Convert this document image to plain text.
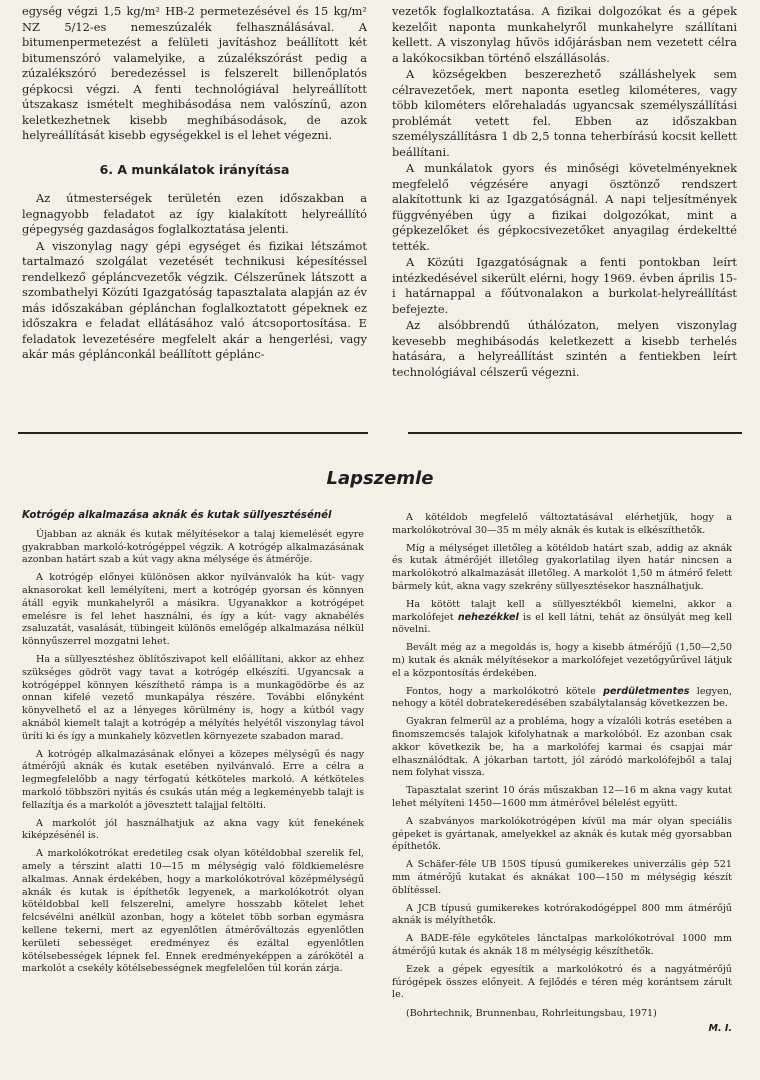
egység végzi 1,5 kg/m² HB-2 permetezésével és 15 kg/m² NZ 5/12-es nemeszúzalék felhasználásával. A bitumenpermetezést a felületi javításhoz beállított két bitumenszóró valamelyike, a zúzalékszórást pedig a zúzalékszóró beredezéssel is felszerelt billenőplatós gépkocsi végzi. A fenti technológiával helyreállított útszakasz ismételt meghibásodása nem valószínű, azon keletkezhetnek kisebb meghibásodások, de azok helyreállítását kisebb egységekkel is el lehet végezni.

6. A munkálatok irányítása

Az útmesterségek területén ezen időszakban a legnagyobb feladatot az így kialakított helyreállító gépegység gazdaságos foglalkoztatása jelenti.

A viszonylag nagy gépi egységet és fizikai létszámot tartalmazó szolgálat vezetését technikusi képesítéssel rendelkező gépláncvezetők végzik. Célszerűnek látszott a szombathelyi Közúti Igazgatóság tapasztalata alapján az év más időszakában géplánchan foglalkoztatott gépeknek ez időszakra e feladat ellátásához való átcsoportosítása. E feladatok levezetésére megfelelt akár a hengerlési, vagy akár más géplánconkál beállított géplánc-

vezetők foglalkoztatása. A fizikai dolgozókat és a gépek kezelőit naponta munkahelyről munkahelyre szállítani kellett. A viszonylag hűvös időjárásban nem vezetett célra a lakókocsikban történő elszállásolás.

A községekben beszerezhető szálláshelyek sem célravezetőek, mert naponta esetleg kilométeres, vagy több kilométers előrehaladás ugyancsak személyszállítási problémát vetett fel. Ebben az időszakban személyszállításra 1 db 2,5 tonna teherbírású kocsit kellett beállítani.

A munkálatok gyors és minőségi követelményeknek megfelelő végzésére anyagi ösztönző rendszert alakítottunk ki az Igazgatóságnál. A napi teljesítmények függvényében úgy a fizikai dolgozókat, mint a gépkezelőket és gépkocsivezetőket anyagilag érdekeltté tették.

A Közúti Igazgatóságnak a fenti pontokban leírt intézkedésével sikerült elérni, hogy 1969. évben április 15-i határnappal a főútvonalakon a burkolat-helyreállítást befejezte.

Az alsóbbrendű úthálózaton, melyen viszonylag kevesebb meghibásodás keletkezett a kisebb terhelés hatására, a helyreállítást szintén a fentiekben leírt technológiával célszerű végezni.

Lapszemle
Kotrógép alkalmazása aknák és kutak süllyesztésénél

Újabban az aknák és kutak mélyítésekor a talaj kiemelését egyre gyakrabban markoló-kotrógéppel végzik. A kotrógép alkalmazásának azonban határt szab a kút vagy akna mélysége és átmérője.

A kotrógép előnyei különösen akkor nyilvánvalók ha kút- vagy aknasorokat kell lemélyíteni, mert a kotrógép gyorsan és könnyen átáll egyik munkahelyről a másikra. Ugyanakkor a kotrógépet emelésre is fel lehet használni, és így a kút- vagy aknabélés zsaluzatát, vasalását, tübingeit különös emelőgép alkalmazása nélkül könnyűszerrel mozgatni lehet.

Ha a süllyesztéshez öblítőszivapot kell előállítani, akkor az ehhez szükséges gödröt vagy tavat a kotrógép elkészíti. Ugyancsak a kotrógéppel könnyen készíthető rámpa is a munkagödörbe és az onnan kifelé vezető munkapálya részére. További előnyként könyvelhető el az a lényeges körülmény is, hogy a kútból vagy aknából kiemelt talajt a kotrógép a mélyítés helyétől viszonylag távol üríti ki és így a munkahely közvetlen környezete szabadon marad.

A kotrógép alkalmazásának előnyei a közepes mélységű és nagy átmérőjű aknák és kutak esetében nyilvánvaló. Erre a célra a legmegfelelőbb a nagy térfogatú kétköteles markoló. A kétköteles markoló többszöri nyitás és csukás után még a legkeményebb talajt is fellazítja és a markolót a jövesztett talajjal feltölti.

A markolót jól használhatjuk az akna vagy kút fenekének kiképzésénél is.

A markolókotrókat eredetileg csak olyan kötéldobbal szerelik fel, amely a térszint alatti 10—15 m mélységig való földkiemelésre alkalmas. Annak érdekében, hogy a markolókotróval középmélységű aknák és kutak is építhetők legyenek, a markolókotrót olyan kötéldobbal kell felszerelni, amelyre hosszabb kötelet lehet felcsévélni anélkül azonban, hogy a kötelet több sorban egymásra kellene tekerni, mert az egyenlőtlen átmérőváltozás egyenlőtlen kerületi sebességet eredményez és ezáltal egyenlőtlen kötélsebességek lépnek fel. Ennek eredményeképpen a zárókötél a markolót a csekély kötélsebességnek megfelelően túl korán zárja.

A kötéldob megfelelő változtatásával elérhetjük, hogy a markolókotróval 30—35 m mély aknák és kutak is elkészíthetők.

Míg a mélységet illetőleg a kötéldob határt szab, addig az aknák és kutak átmérőjét illetőleg gyakorlatilag ilyen határ nincsen a markolókotró alkalmazását illetőleg. A markolót 1,50 m átmérő felett bármely kút, akna vagy szekrény süllyesztésekor használhatjuk.

Ha kötött talajt kell a süllyesztékből kiemelni, akkor a markolófejet nehezékkel is el kell látni, tehát az önsúlyát meg kell növelni.

Bevált még az a megoldás is, hogy a kisebb átmérőjű (1,50—2,50 m) kutak és aknák mélyítésekor a markolófejet vezetőgyűrűvel látjuk el a központosítás érdekében.

Fontos, hogy a markolókotró kötele perdületmentes legyen, nehogy a kötél dobratekeredésében szabálytalanság következzen be.

Gyakran felmerül az a probléma, hogy a vízalóli kotrás esetében a finomszemcsés talajok kifolyhatnak a markolóból. Ez azonban csak akkor következik be, ha a markolófej karmai és csapjai már elhasználódtak. A jókarban tartott, jól záródó markolófejből a talaj nem folyhat vissza.

Tapasztalat szerint 10 órás műszakban 12—16 m akna vagy kutat lehet mélyíteni 1450—1600 mm átmérővel bélelést együtt.

A szabványos markolókotrógépen kívül ma már olyan speciális gépeket is gyártanak, amelyekkel az aknák és kutak még gyorsabban építhetők.

A Schäfer-féle UB 150S típusú gumikerekes univerzális gép 521 mm átmérőjű kutakat és aknákat 100—150 m mélységig készít öblítéssel.

A JCB típusú gumikerekes kotrórakodógéppel 800 mm átmérőjű aknák is mélyíthetők.

A BADE-féle egyköteles lánctalpas markolókotróval 1000 mm átmérőjű kutak és aknák 18 m mélységig készíthetők.

Ezek a gépek egyesítik a markolókotró és a nagyátmérőjű fúrógépek összes előnyeit. A fejlődés e téren még korántsem zárult le.

(Bohrtechnik, Brunnenbau, Rohrleitungsbau, 1971)

M. I.
